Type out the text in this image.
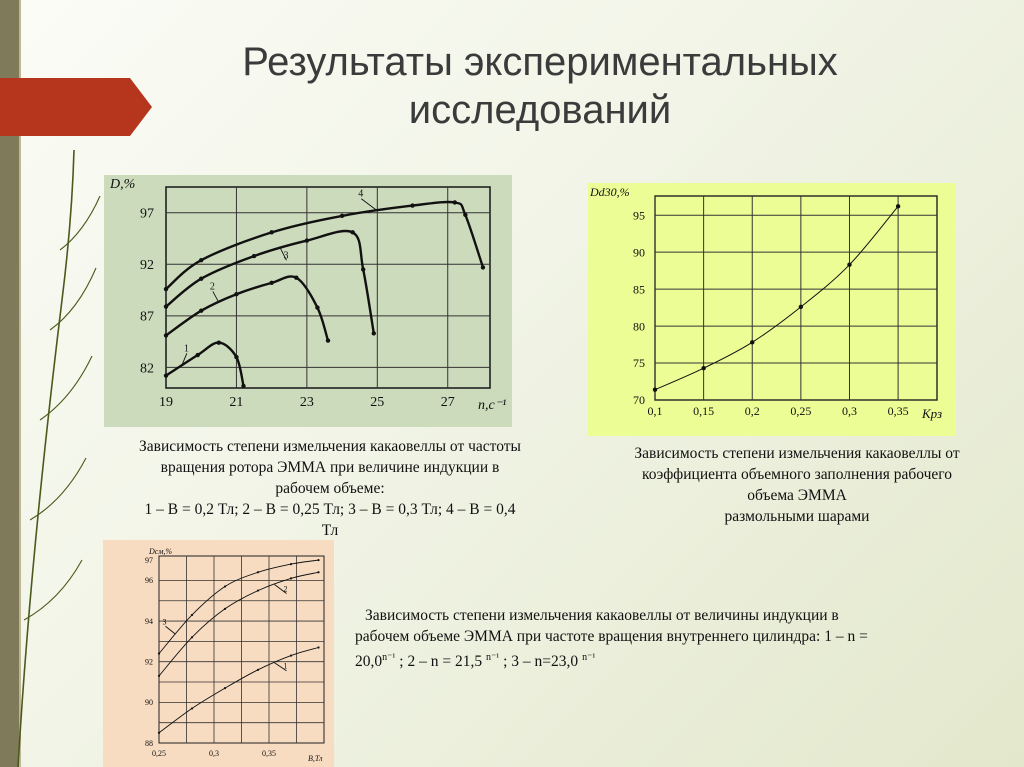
Результаты экспериментальных
исследований
1
2
3
4
19	21	23	25	27
82
87
92
97
D,%
n,c⁻¹	0,1	0,15	0,2	0,25	0,3	0,35
70
75
80
85
90
95
Dd30,%
Kрз
1
2
3
0,25	0,3	0,35
88
90
92
94
96
97
Dсм,%
В,Тл
Зависимость степени измельчения какаовеллы от частоты
вращения ротора ЭММА при величине индукции в
рабочем объеме:
1 – В = 0,2 Тл; 2 – В = 0,25 Тл; 3 – В = 0,3 Тл; 4 – В = 0,4
Тл
Зависимость степени измельчения какаовеллы от
коэффициента объемного заполнения рабочего
объема ЭММА
размольными шарами
Зависимость степени измельчения какаовеллы от величины индукции в
рабочем объеме ЭММА при частоте вращения внутреннего цилиндра: 1 – n =
$20,0^{n^{-1}}$ ; 2 – n = 21,5 $^{n^{-1}}$ ; 3 – n=23,0 $^{n^{-1}}$
